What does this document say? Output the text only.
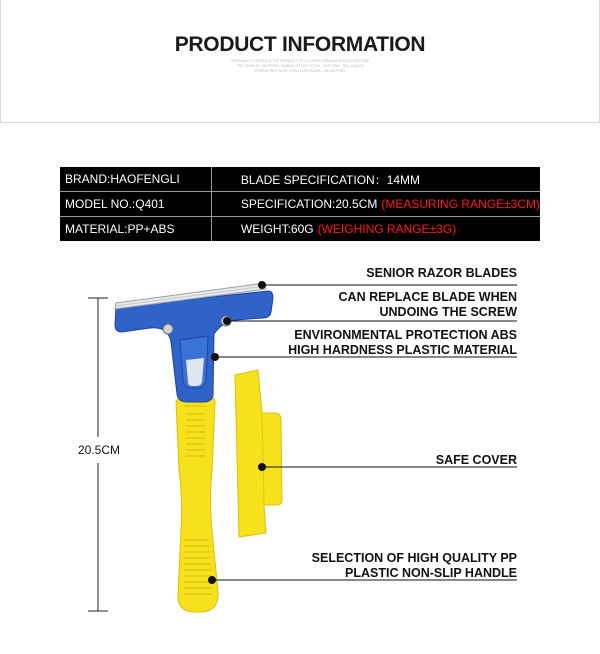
PRODUCT INFORMATION
ORIGINALITY DESIGN IS THE PRODUCT OF CLOTHING BRANDS SHOULD BECOME
THE MARK OF ANOTHER CHANGE OF LIFE STYLE , NOT ONLY TELLS EACH
PERSON BUT ALSO OPEN PURCHASED THE BUTTON
BRAND:HAOFENGLI	BLADE SPECIFICATION：14MM
MODEL NO.:Q401	SPECIFICATION:20.5CM (MEASURING RANGE±3CM)
MATERIAL:PP+ABS	WEIGHT:60G (WEIGHING RANGE±3G)
20.5CM
SENIOR RAZOR BLADES
CAN REPLACE BLADE WHEN UNDOING THE SCREW
ENVIRONMENTAL PROTECTION ABS HIGH HARDNESS PLASTIC MATERIAL
SAFE COVER
SELECTION OF HIGH QUALITY PP PLASTIC NON-SLIP HANDLE
